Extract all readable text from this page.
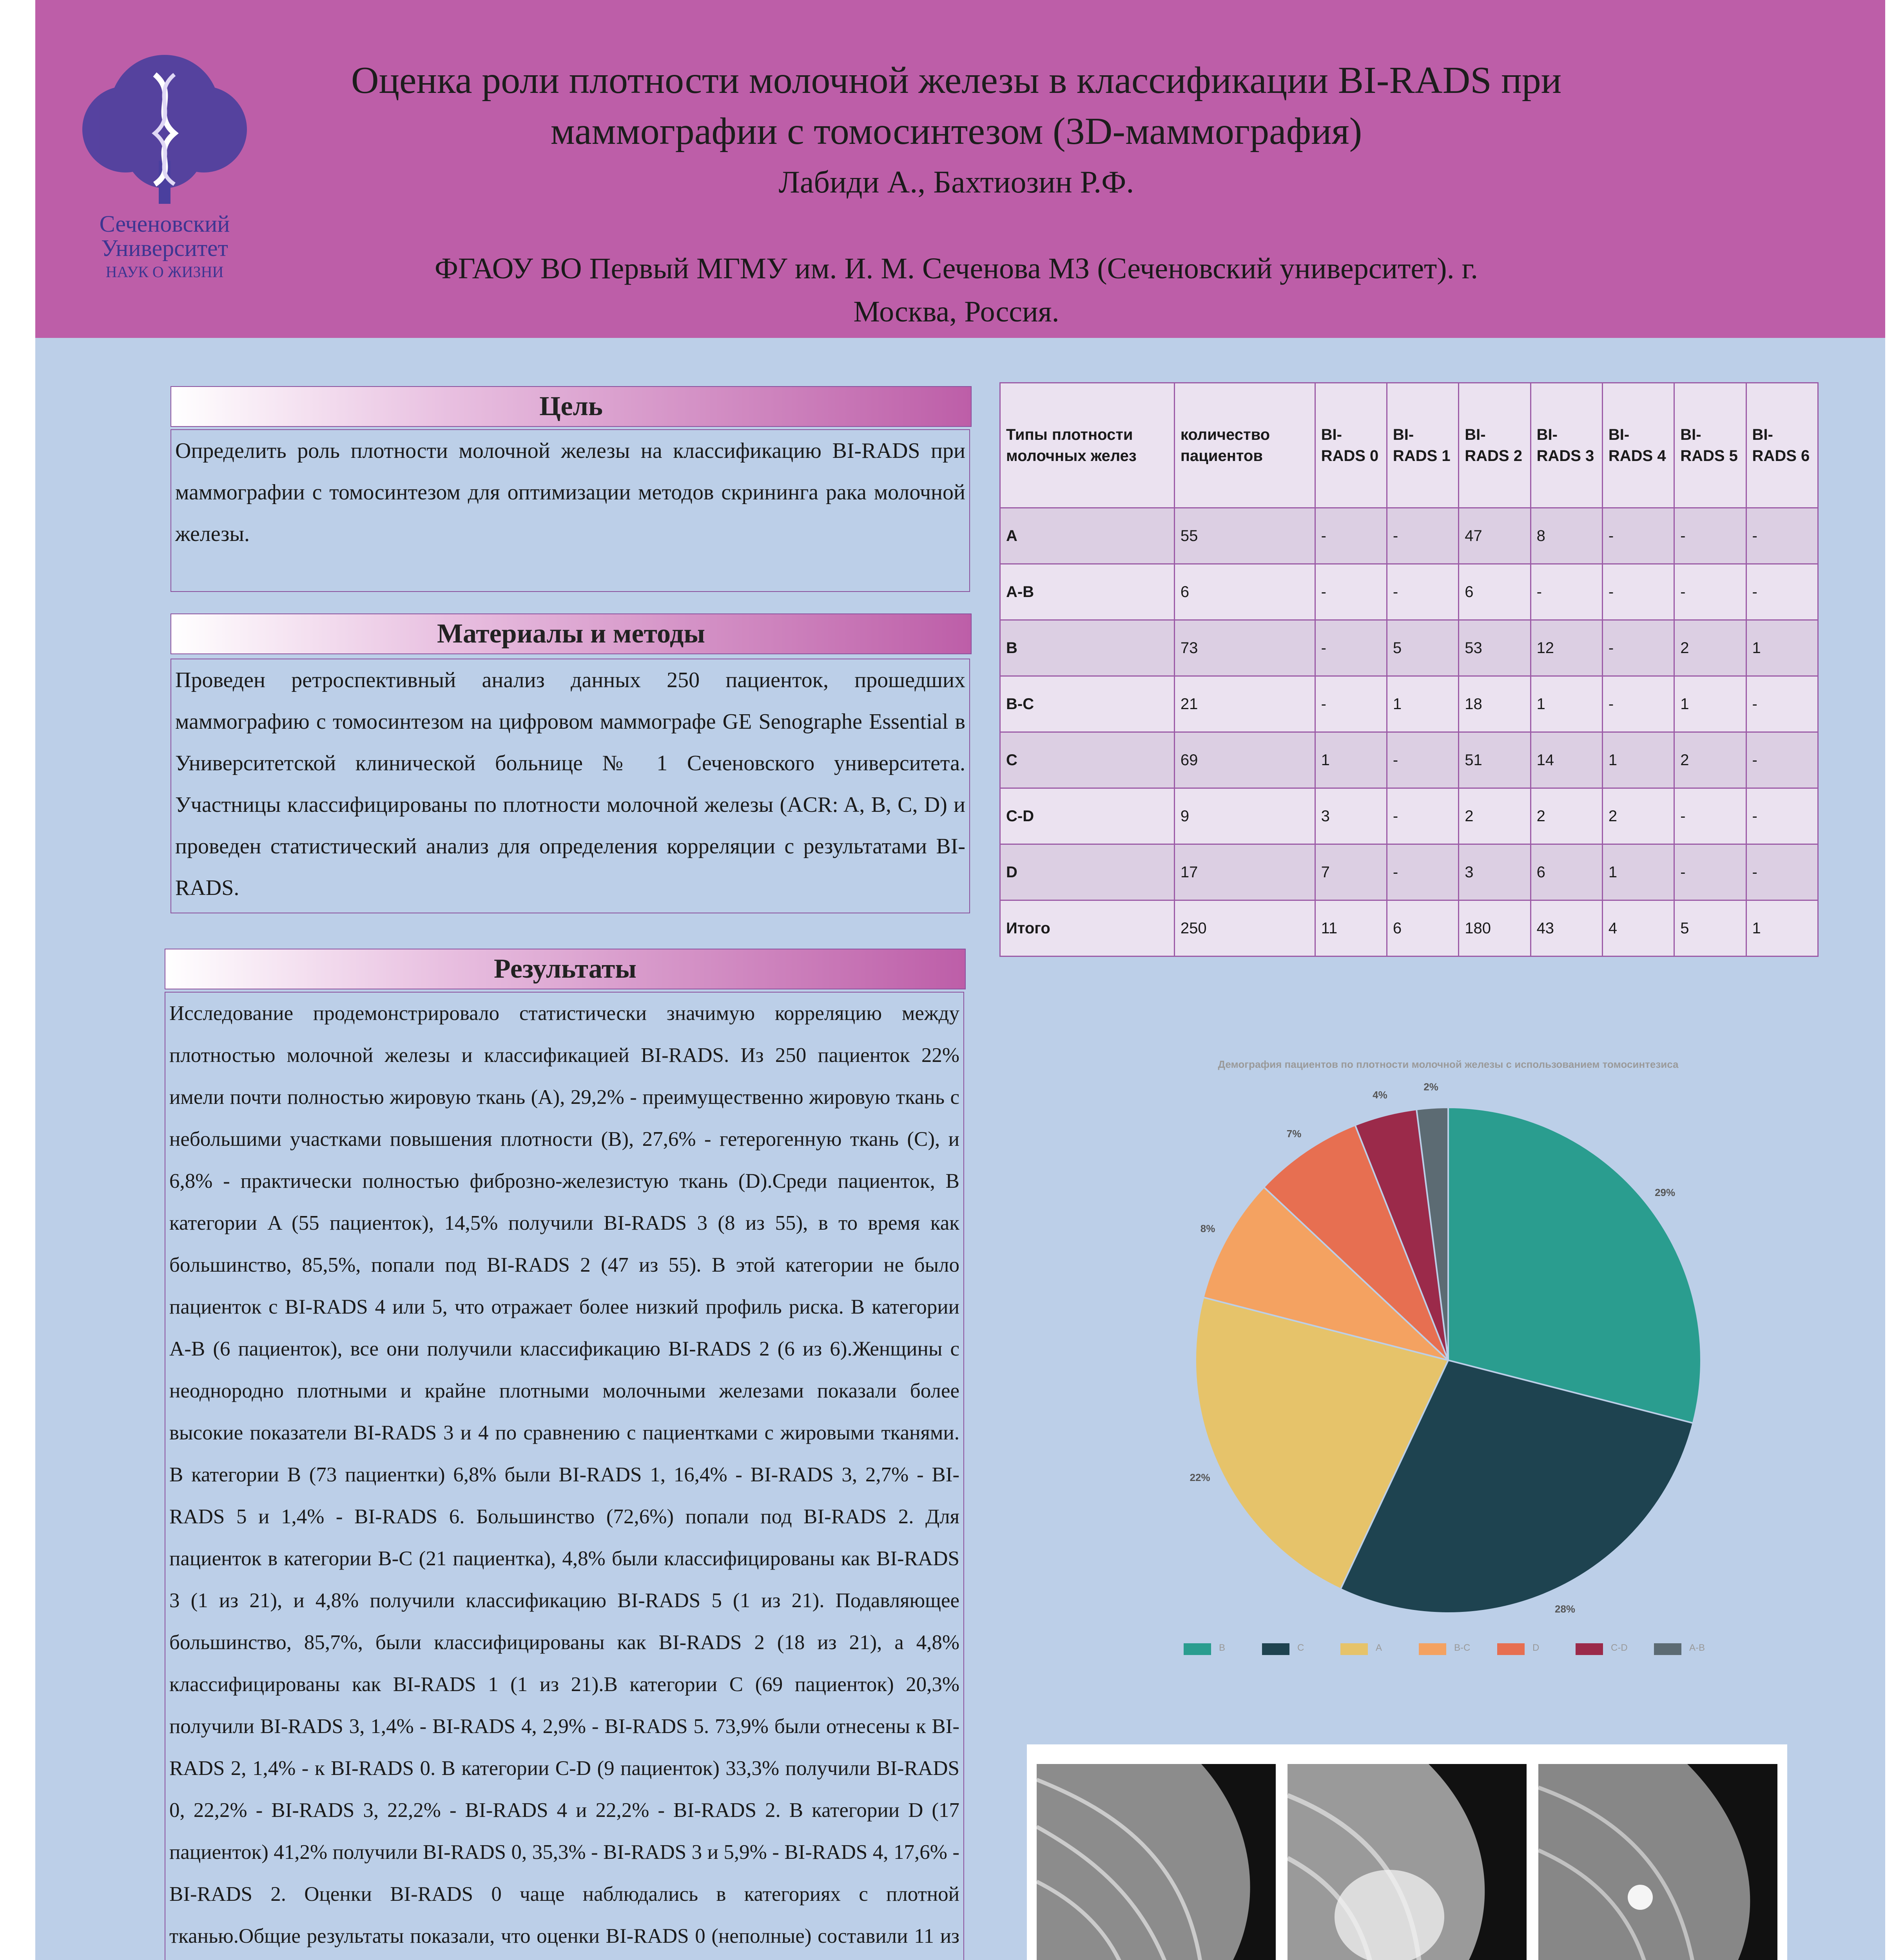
Сеченовский
Университет
НАУК О ЖИЗНИ
Оценка роли плотности молочной железы в классификации BI-RADS при
маммографии с томосинтезом (3D-маммография)
Лабиди А., Бахтиозин Р.Ф.
ФГАОУ ВО Первый МГМУ им. И. М. Сеченова МЗ (Сеченовский университет). г.
Москва, Россия.
Цель
Определить роль плотности молочной железы на классификацию BI-RADS при маммографии с томосинтезом для оптимизации методов скрининга рака молочной железы.
Материалы и методы
Проведен ретроспективный анализ данных 250 пациенток, прошедших маммографию с томосинтезом на цифровом маммографе GE Senographe Essential в Университетской клинической больнице № 1 Сеченовского университета. Участницы классифицированы по плотности молочной железы (ACR: A, B, C, D) и проведен статистический анализ для определения корреляции с результатами BI-RADS.
Результаты
Исследование продемонстрировало статистически значимую корреляцию между плотностью молочной железы и классификацией BI-RADS. Из 250 пациенток 22% имели почти полностью жировую ткань (A), 29,2% - преимущественно жировую ткань с небольшими участками повышения плотности (B), 27,6% - гетерогенную ткань (C), и 6,8% - практически полностью фиброзно-железистую ткань (D).Среди пациенток, В категории A (55 пациенток), 14,5% получили BI-RADS 3 (8 из 55), в то время как большинство, 85,5%, попали под BI-RADS 2 (47 из 55). В этой категории не было пациенток с BI-RADS 4 или 5, что отражает более низкий профиль риска. В категории A-B (6 пациенток), все они получили классификацию BI-RADS 2 (6 из 6).Женщины с неоднородно плотными и крайне плотными молочными железами показали более высокие показатели BI-RADS 3 и 4 по сравнению с пациентками с жировыми тканями. В категории B (73 пациентки) 6,8% были BI-RADS 1, 16,4% - BI-RADS 3, 2,7% - BI-RADS 5 и 1,4% - BI-RADS 6. Большинство (72,6%) попали под BI-RADS 2. Для пациенток в категории B-C (21 пациентка), 4,8% были классифицированы как BI-RADS 3 (1 из 21), и 4,8% получили классификацию BI-RADS 5 (1 из 21). Подавляющее большинство, 85,7%, были классифицированы как BI-RADS 2 (18 из 21), а 4,8% классифицированы как BI-RADS 1 (1 из 21).В категории C (69 пациенток) 20,3% получили BI-RADS 3, 1,4% - BI-RADS 4, 2,9% - BI-RADS 5. 73,9% были отнесены к BI-RADS 2, 1,4% - к BI-RADS 0. В категории C-D (9 пациенток) 33,3% получили BI-RADS 0, 22,2% - BI-RADS 3, 22,2% - BI-RADS 4 и 22,2% - BI-RADS 2. В категории D (17 пациенток) 41,2% получили BI-RADS 0, 35,3% - BI-RADS 3 и 5,9% - BI-RADS 4, 17,6% - BI-RADS 2. Оценки BI-RADS 0 чаще наблюдались в категориях с плотной тканью.Общие результаты показали, что оценки BI-RADS 0 (неполные) составили 11 из
Типы плотности молочных желез	количество пациентов	BI-RADS 0	BI-RADS 1	BI-RADS 2	BI-RADS 3	BI-RADS 4	BI-RADS 5	BI-RADS 6
A	55	-	-	47	8	-	-	-
A-B	6	-	-	6	-	-	-	-
B	73	-	5	53	12	-	2	1
B-C	21	-	1	18	1	-	1	-
C	69	1	-	51	14	1	2	-
C-D	9	3	-	2	2	2	-	-
D	17	7	-	3	6	1	-	-
Итого	250	11	6	180	43	4	5	1
Демография пациентов по плотности молочной железы с использованием томосинтезиса
29%
28%
22%
8%
7%
4%
2%
B	C	A	B-C	D	C-D	A-B
